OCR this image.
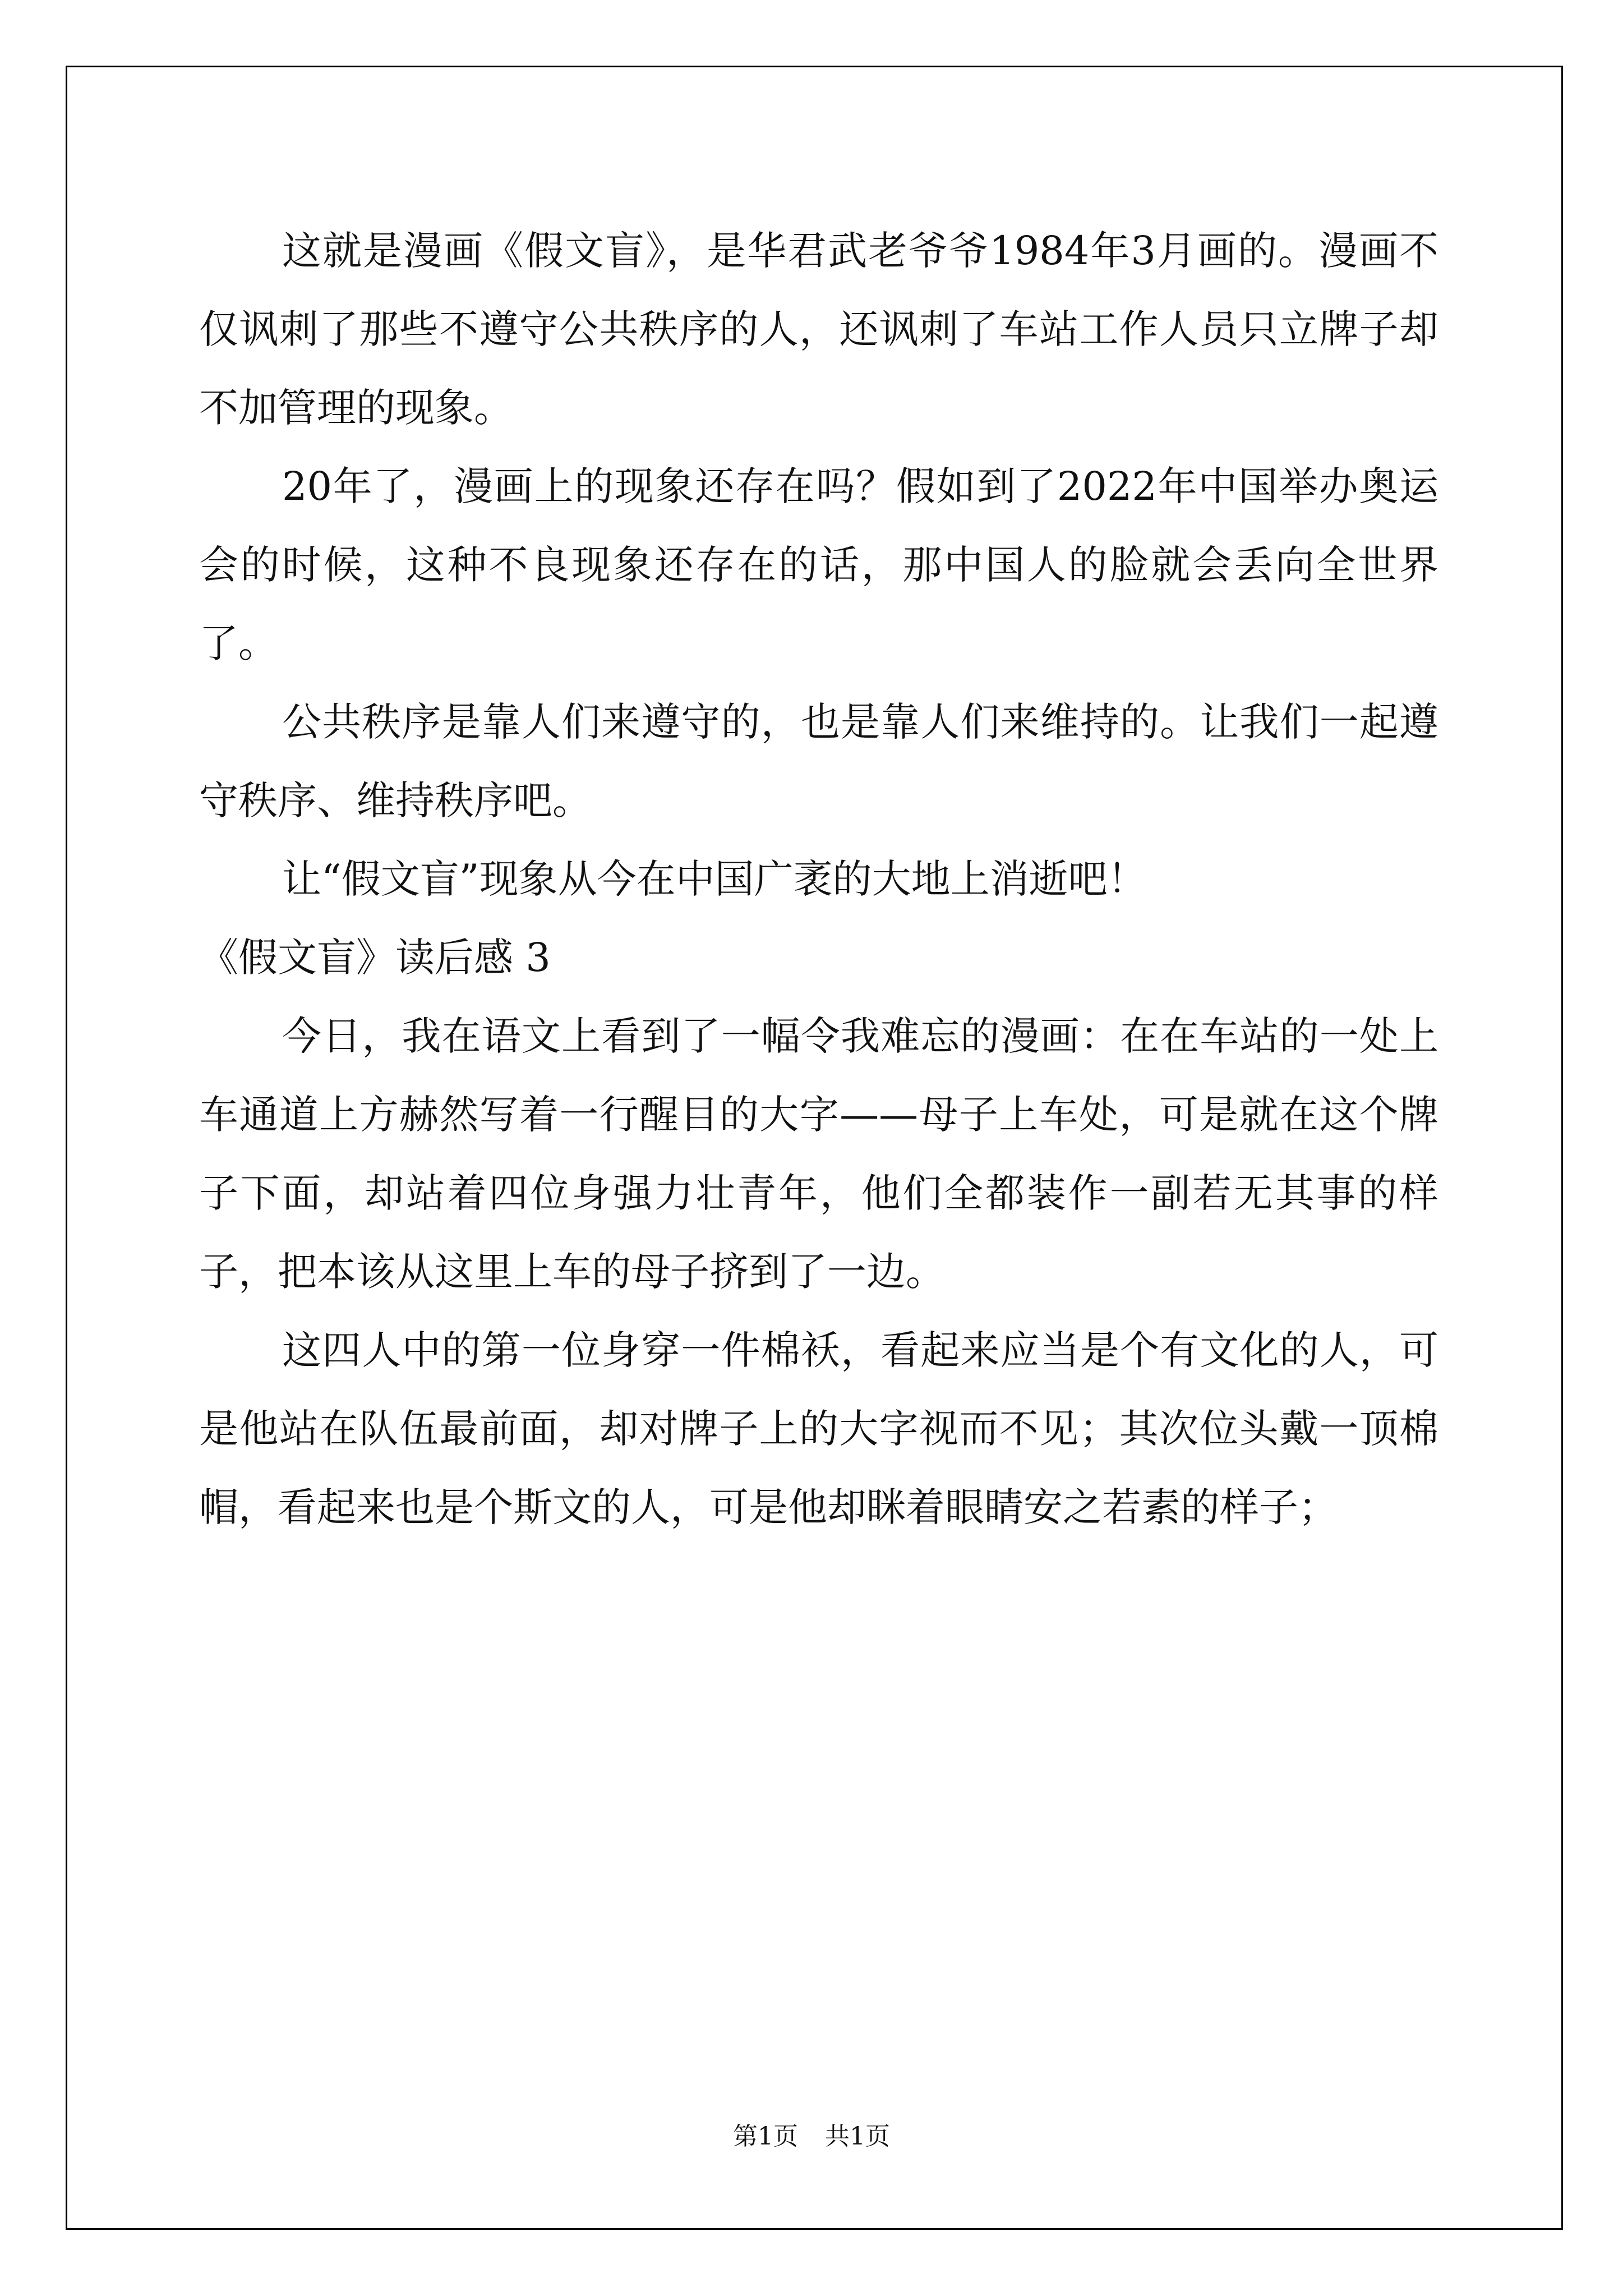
这就是漫画《假文盲》，是华君武老爷爷1984年3月画的。漫画不仅讽刺了那些不遵守公共秩序的人，还讽刺了车站工作人员只立牌子却不加管理的现象。

20年了，漫画上的现象还存在吗？假如到了2022年中国举办奥运会的时候，这种不良现象还存在的话，那中国人的脸就会丢向全世界了。

公共秩序是靠人们来遵守的，也是靠人们来维持的。让我们一起遵守秩序、维持秩序吧。

让“假文盲”现象从今在中国广袤的大地上消逝吧！

《假文盲》读后感 3

今日，我在语文上看到了一幅令我难忘的漫画：在在车站的一处上车通道上方赫然写着一行醒目的大字——母子上车处，可是就在这个牌子下面，却站着四位身强力壮青年，他们全都装作一副若无其事的样子，把本该从这里上车的母子挤到了一边。

这四人中的第一位身穿一件棉袄，看起来应当是个有文化的人，可是他站在队伍最前面，却对牌子上的大字视而不见；其次位头戴一顶棉帽，看起来也是个斯文的人，可是他却眯着眼睛安之若素的样子；

第1页 共1页
